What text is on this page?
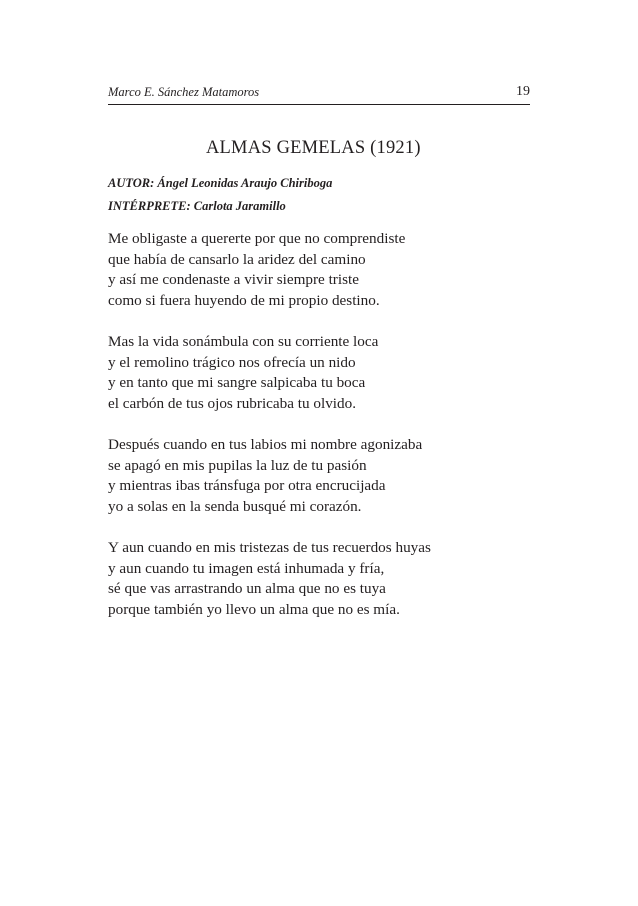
Marco E. Sánchez Matamoros	19
ALMAS GEMELAS (1921)
AUTOR: Ángel Leonidas Araujo Chiriboga
INTÉRPRETE: Carlota Jaramillo
Me obligaste a quererte por que no comprendiste
que había de cansarlo la aridez del camino
y así me condenaste a vivir siempre triste
como si fuera huyendo de mi propio destino.
Mas la vida sonámbula con su corriente loca
y el remolino trágico nos ofrecía un nido
y en tanto que mi sangre salpicaba tu boca
el carbón de tus ojos rubricaba tu olvido.
Después cuando en tus labios mi nombre agonizaba
se apagó en mis pupilas la luz de tu pasión
y mientras ibas tránsfuga por otra encrucijada
yo a solas en la senda busqué mi corazón.
Y aun cuando en mis tristezas de tus recuerdos huyas
y aun cuando tu imagen está inhumada y fría,
sé que vas arrastrando un alma que no es tuya
porque también yo llevo un alma que no es mía.
